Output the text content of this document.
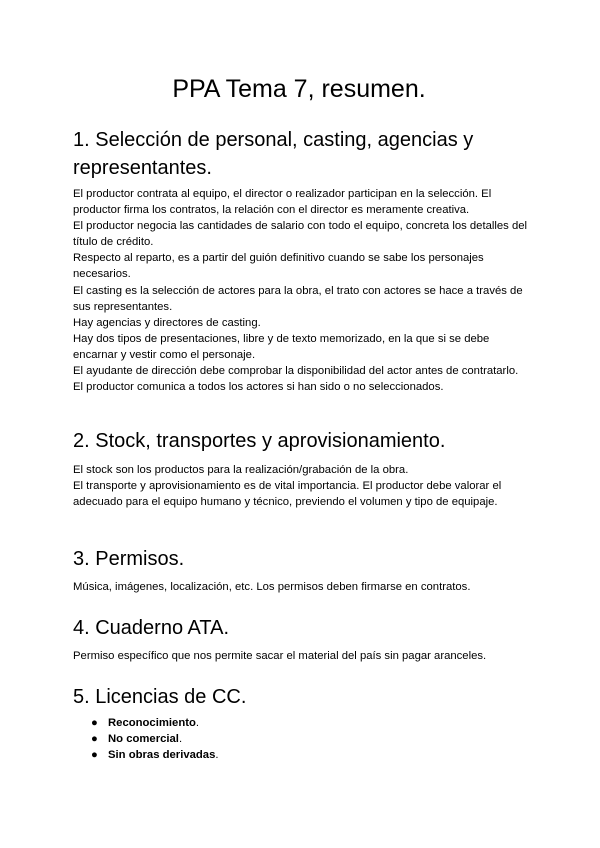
PPA Tema 7, resumen.
1. Selección de personal, casting, agencias y representantes.

El productor contrata al equipo, el director o realizador participan en la selección. El productor firma los contratos, la relación con el director es meramente creativa.

El productor negocia las cantidades de salario con todo el equipo, concreta los detalles del título de crédito.

Respecto al reparto, es a partir del guión definitivo cuando se sabe los personajes necesarios.

El casting es la selección de actores para la obra, el trato con actores se hace a través de sus representantes.

Hay agencias y directores de casting.

Hay dos tipos de presentaciones, libre y de texto memorizado, en la que si se debe encarnar y vestir como el personaje.

El ayudante de dirección debe comprobar la disponibilidad del actor antes de contratarlo.

El productor comunica a todos los actores si han sido o no seleccionados.

2. Stock, transportes y aprovisionamiento.

El stock son los productos para la realización/grabación de la obra.

El transporte y aprovisionamiento es de vital importancia. El productor debe valorar el adecuado para el equipo humano y técnico, previendo el volumen y tipo de equipaje.

3. Permisos.

Música, imágenes, localización, etc. Los permisos deben firmarse en contratos.

4. Cuaderno ATA.

Permiso específico que nos permite sacar el material del país sin pagar aranceles.

5. Licencias de CC.
● Reconocimiento.
● No comercial.
● Sin obras derivadas.
